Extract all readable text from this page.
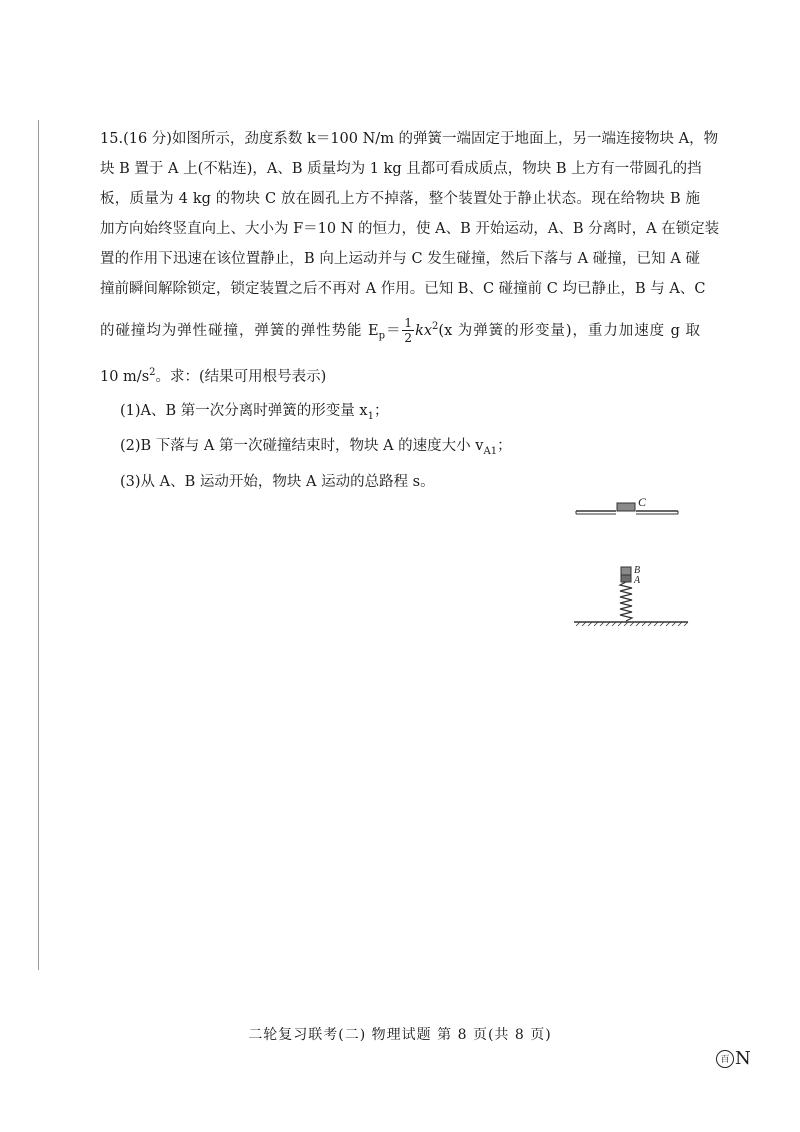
15.(16 分)如图所示，劲度系数 k＝100 N/m 的弹簧一端固定于地面上，另一端连接物块 A，物
块 B 置于 A 上(不粘连)，A、B 质量均为 1 kg 且都可看成质点，物块 B 上方有一带圆孔的挡
板，质量为 4 kg 的物块 C 放在圆孔上方不掉落，整个装置处于静止状态。现在给物块 B 施
加方向始终竖直向上、大小为 F＝10 N 的恒力，使 A、B 开始运动，A、B 分离时，A 在锁定装
置的作用下迅速在该位置静止，B 向上运动并与 C 发生碰撞，然后下落与 A 碰撞，已知 A 碰
撞前瞬间解除锁定，锁定装置之后不再对 A 作用。已知 B、C 碰撞前 C 均已静止，B 与 A、C
的碰撞均为弹性碰撞，弹簧的弹性势能 $E_p= \frac{1}{2} kx^2(x$ 为弹簧的形变量)，重力加速度 g 取
10 $m/s^2$。求：(结果可用根号表示)

(1)A、B 第一次分离时弹簧的形变量 $x_1$；
(2)B 下落与 A 第一次碰撞结束时，物块 A 的速度大小 $v_{A1}$；
(3)从 A、B 运动开始，物块 A 运动的总路程 s。
C
B
A
二轮复习联考(二) 物理试题 第 8 页(共 8 页)
百 N
